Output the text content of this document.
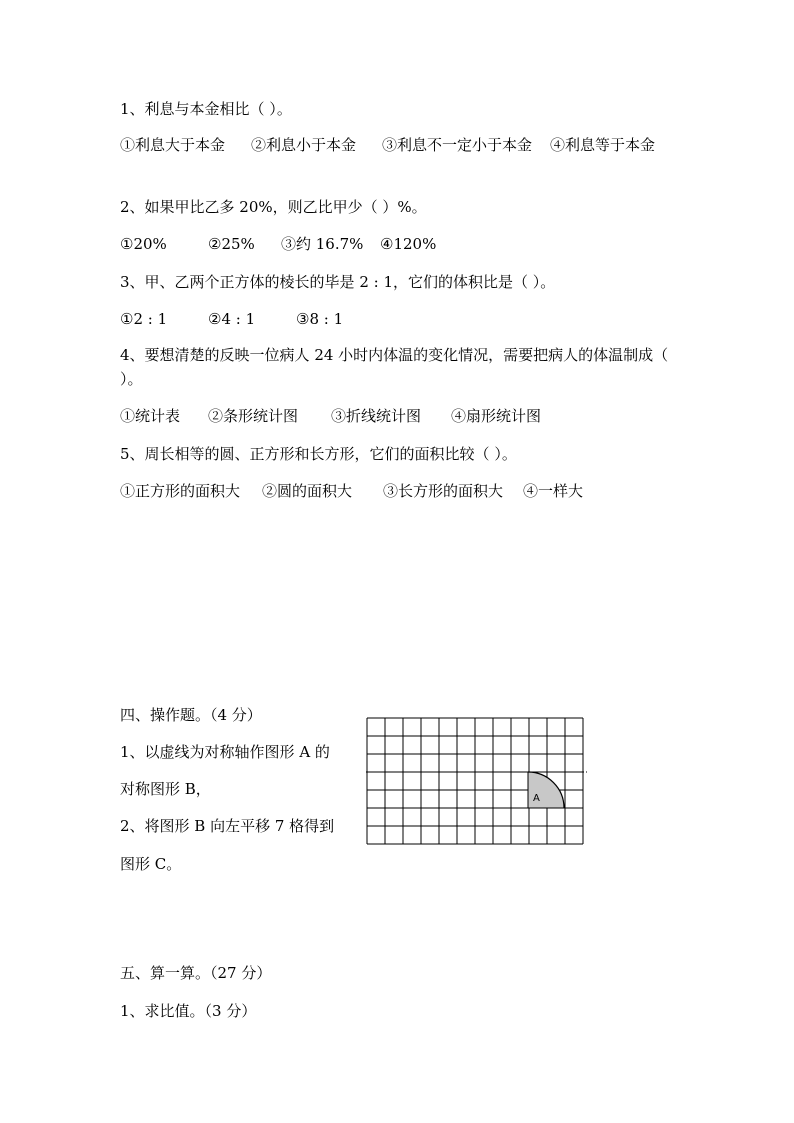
1、利息与本金相比（ ）。
①利息大于本金 ②利息小于本金 ③利息不一定小于本金 ④利息等于本金
2、如果甲比乙多 20%，则乙比甲少（ ）%。
①20%	②25% ③约 16.7% ④120%
3、甲、乙两个正方体的棱长的毕是 2 : 1，它们的体积比是（ ）。
①2 : 1	②4 : 1	③8 : 1
4、要想清楚的反映一位病人 24 小时内体温的变化情况，需要把病人的体温制成（ ）。
①统计表 ②条形统计图 ③折线统计图 ④扇形统计图
5、周长相等的圆、正方形和长方形，它们的面积比较（ ）。
①正方形的面积大 ②圆的面积大 ③长方形的面积大 ④一样大
四、操作题。（4 分）
1、以虚线为对称轴作图形 A 的
对称图形 B，
2、将图形 B 向左平移 7 格得到
图形 C。
A
五、算一算。（27 分）
1、求比值。（3 分）
